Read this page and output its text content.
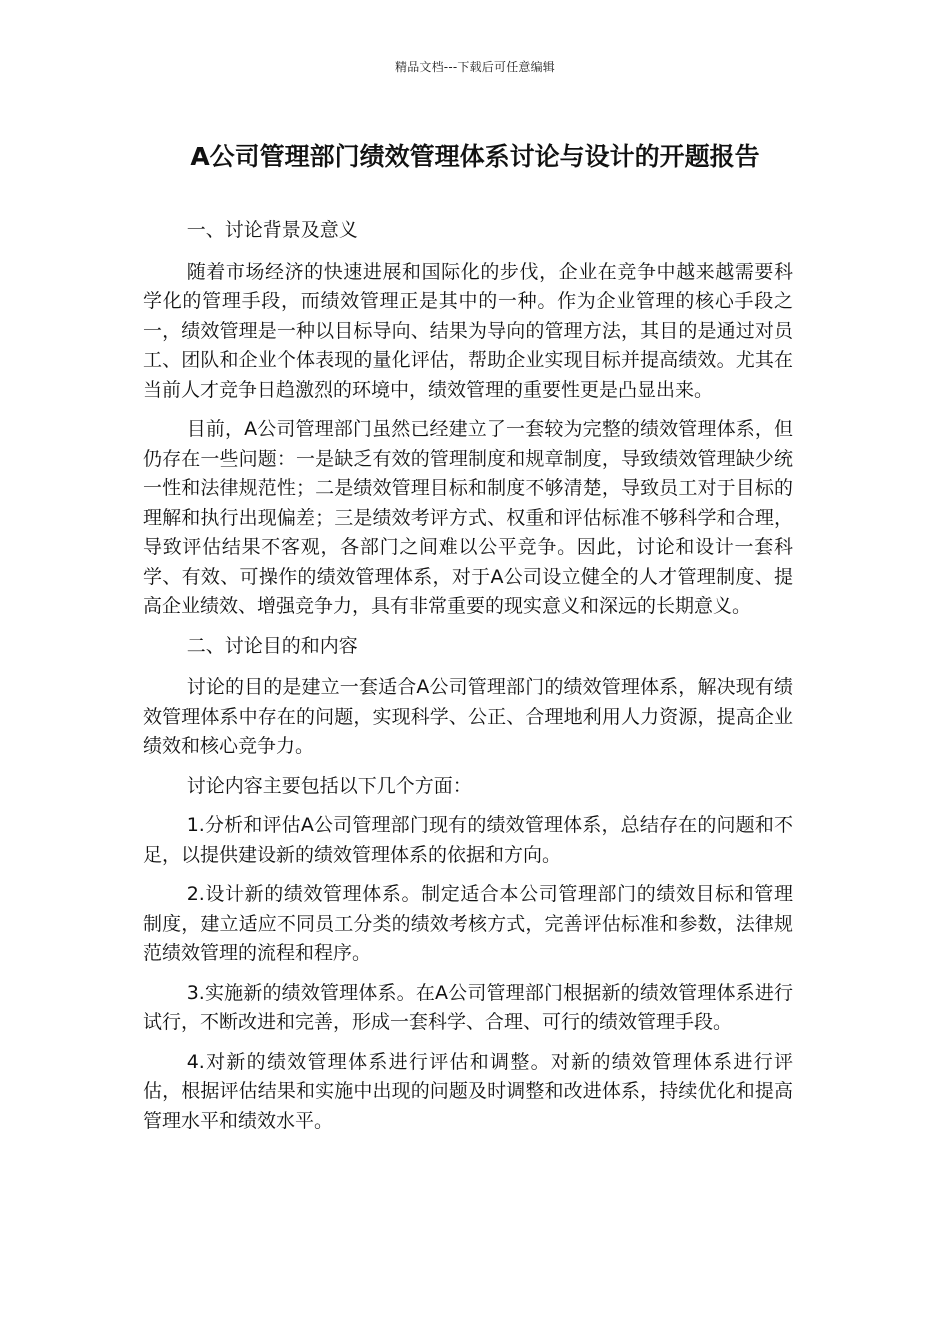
精品文档---下载后可任意编辑
A公司管理部门绩效管理体系讨论与设计的开题报告

一、讨论背景及意义

随着市场经济的快速进展和国际化的步伐，企业在竞争中越来越需要科学化的管理手段，而绩效管理正是其中的一种。作为企业管理的核心手段之一，绩效管理是一种以目标导向、结果为导向的管理方法，其目的是通过对员工、团队和企业个体表现的量化评估，帮助企业实现目标并提高绩效。尤其在当前人才竞争日趋激烈的环境中，绩效管理的重要性更是凸显出来。

目前，A公司管理部门虽然已经建立了一套较为完整的绩效管理体系，但仍存在一些问题：一是缺乏有效的管理制度和规章制度，导致绩效管理缺少统一性和法律规范性；二是绩效管理目标和制度不够清楚，导致员工对于目标的理解和执行出现偏差；三是绩效考评方式、权重和评估标准不够科学和合理，导致评估结果不客观，各部门之间难以公平竞争。因此，讨论和设计一套科学、有效、可操作的绩效管理体系，对于A公司设立健全的人才管理制度、提高企业绩效、增强竞争力，具有非常重要的现实意义和深远的长期意义。

二、讨论目的和内容

讨论的目的是建立一套适合A公司管理部门的绩效管理体系，解决现有绩效管理体系中存在的问题，实现科学、公正、合理地利用人力资源，提高企业绩效和核心竞争力。

讨论内容主要包括以下几个方面：

1.分析和评估A公司管理部门现有的绩效管理体系，总结存在的问题和不足，以提供建设新的绩效管理体系的依据和方向。

2.设计新的绩效管理体系。制定适合本公司管理部门的绩效目标和管理制度，建立适应不同员工分类的绩效考核方式，完善评估标准和参数，法律规范绩效管理的流程和程序。

3.实施新的绩效管理体系。在A公司管理部门根据新的绩效管理体系进行试行，不断改进和完善，形成一套科学、合理、可行的绩效管理手段。

4.对新的绩效管理体系进行评估和调整。对新的绩效管理体系进行评估，根据评估结果和实施中出现的问题及时调整和改进体系，持续优化和提高管理水平和绩效水平。
